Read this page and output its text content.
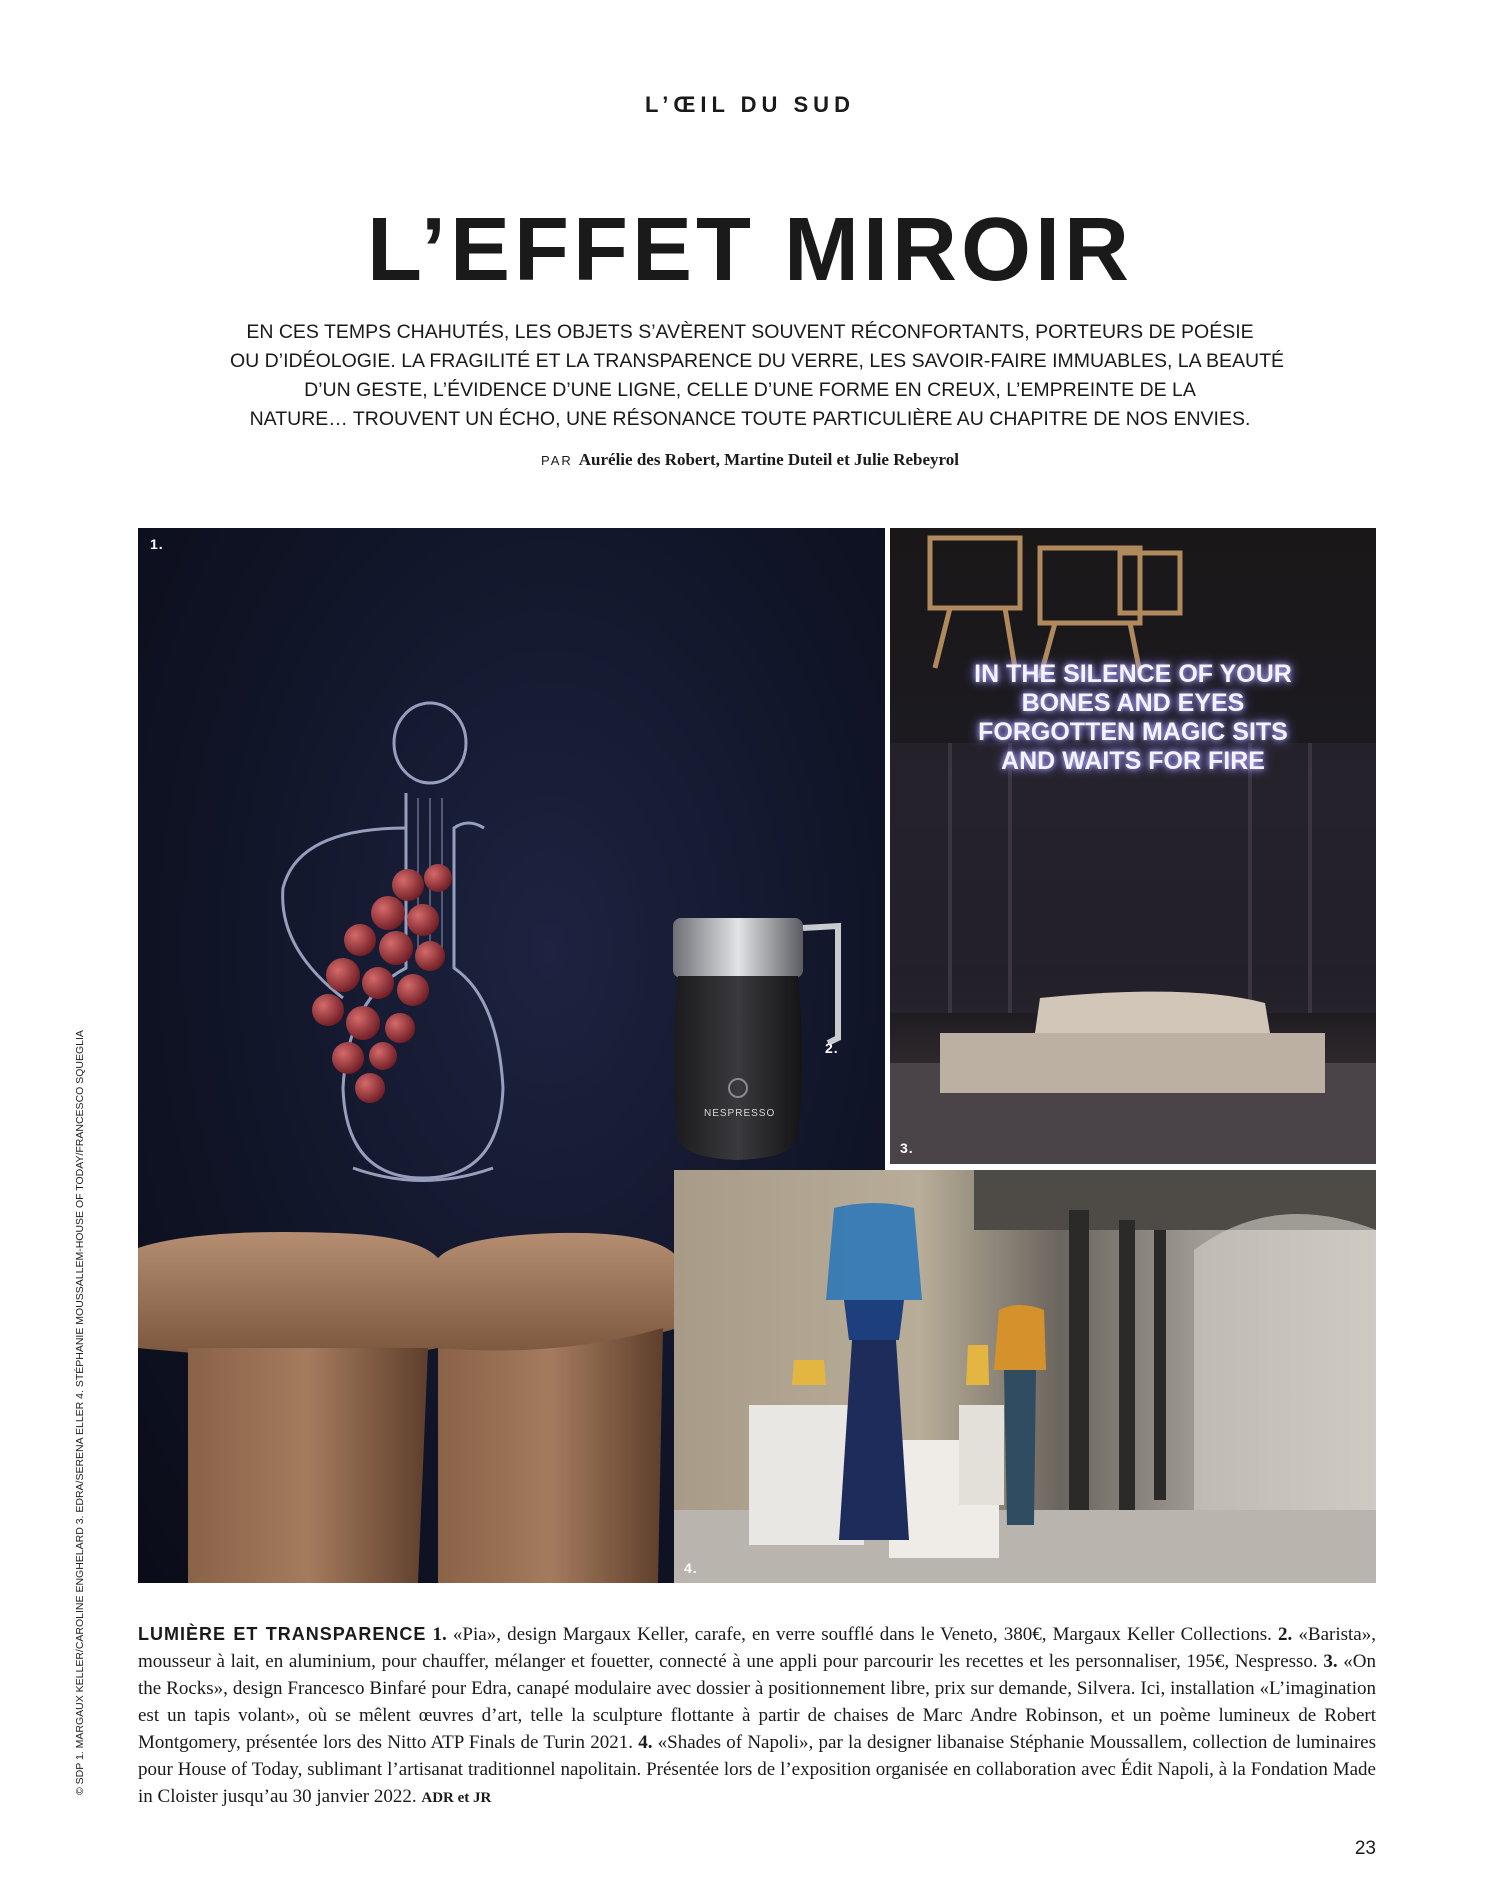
L’ŒIL DU SUD
L’EFFET MIROIR
EN CES TEMPS CHAHUTÉS, LES OBJETS S’AVÈRENT SOUVENT RÉCONFORTANTS, PORTEURS DE POÉSIE
OU D’IDÉOLOGIE. LA FRAGILITÉ ET LA TRANSPARENCE DU VERRE, LES SAVOIR-FAIRE IMMUABLES, LA BEAUTÉ
D’UN GESTE, L’ÉVIDENCE D’UNE LIGNE, CELLE D’UNE FORME EN CREUX, L’EMPREINTE DE LA
NATURE… TROUVENT UN ÉCHO, UNE RÉSONANCE TOUTE PARTICULIÈRE AU CHAPITRE DE NOS ENVIES.
PAR Aurélie des Robert, Martine Duteil et Julie Rebeyrol
1.
2.
NESPRESSO
IN THE SILENCE OF YOUR
BONES AND EYES
FORGOTTEN MAGIC SITS
AND WAITS FOR FIRE
3.
4.
© SDP 1. MARGAUX KELLER/CAROLINE ENGHELARD 3. EDRA/SERENA ELLER 4. STÉPHANIE MOUSSALLEM-HOUSE OF TODAY/FRANCESCO SQUEGLIA	LUMIÈRE ET TRANSPARENCE 1. «Pia», design Margaux Keller, carafe, en verre soufflé dans le Veneto, 380€, Margaux Keller Collections. 2. «Barista», mousseur à lait, en aluminium, pour chauffer, mélanger et fouetter, connecté à une appli pour parcourir les recettes et les personnaliser, 195€, Nespresso. 3. «On the Rocks», design Francesco Binfaré pour Edra, canapé modulaire avec dossier à positionnement libre, prix sur demande, Silvera. Ici, installation «L’imagination est un tapis volant», où se mêlent œuvres d’art, telle la sculpture flottante à partir de chaises de Marc Andre Robinson, et un poème lumineux de Robert Montgomery, présentée lors des Nitto ATP Finals de Turin 2021. 4. «Shades of Napoli», par la designer libanaise Stéphanie Moussallem, collection de luminaires pour House of Today, sublimant l’artisanat traditionnel napolitain. Présentée lors de l’exposition organisée en collaboration avec Édit Napoli, à la Fondation Made in Cloister jusqu’au 30 janvier 2022. ADR et JR
23
